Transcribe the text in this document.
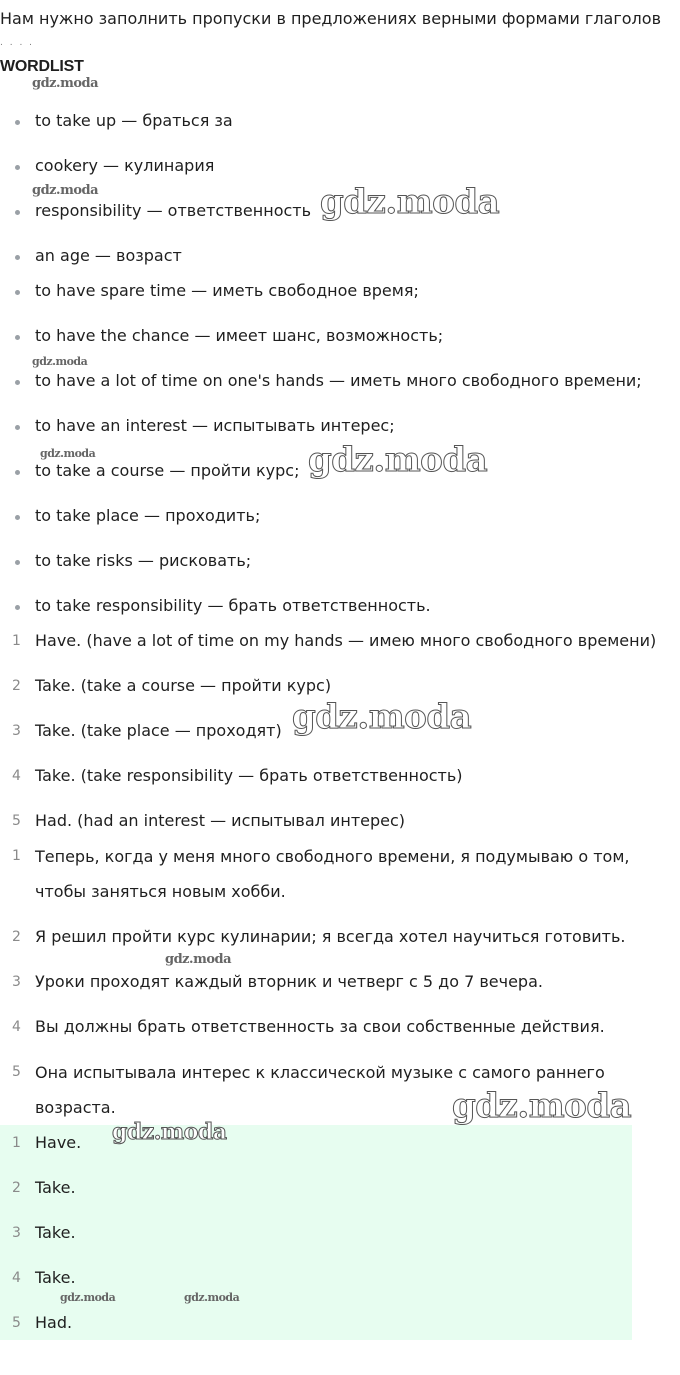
Нам нужно заполнить пропуски в предложениях верными формами глаголов
. . . .
WORDLIST
to take up — браться за
cookery — кулинария
responsibility — ответственность
an age — возраст
to have spare time — иметь свободное время;
to have the chance — имеет шанс, возможность;
to have a lot of time on one's hands — иметь много свободного времени;
to have an interest — испытывать интерес;
to take a course — пройти курс;
to take place — проходить;
to take risks — рисковать;
to take responsibility — брать ответственность.
1 Have. (have a lot of time on my hands — имею много свободного времени)
2 Take. (take a course — пройти курс)
3 Take. (take place — проходят)
4 Take. (take responsibility — брать ответственность)
5 Had. (had an interest — испытывал интерес)
1 Теперь, когда у меня много свободного времени, я подумываю о том, чтобы заняться новым хобби.
2 Я решил пройти курс кулинарии; я всегда хотел научиться готовить.
3 Уроки проходят каждый вторник и четверг с 5 до 7 вечера.
4 Вы должны брать ответственность за свои собственные действия.
5 Она испытывала интерес к классической музыке с самого раннего возраста.
1 Have.
2 Take.
3 Take.
4 Take.
5 Had.
gdz.moda
gdz.moda	gdz.moda
gdz.moda
gdz.moda	gdz.moda
gdz.moda
gdz.moda
gdz.moda
gdz.moda
gdz.moda	gdz.moda
